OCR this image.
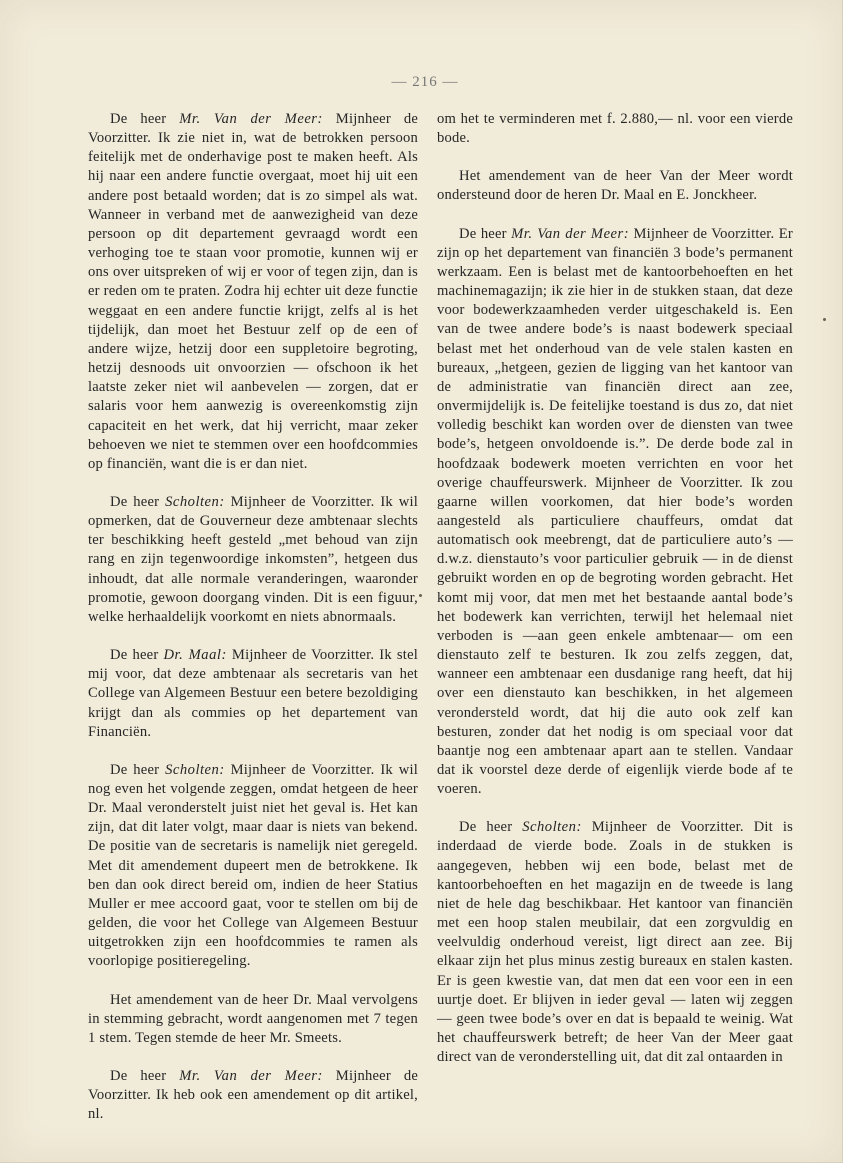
— 216 —

De heer Mr. Van der Meer: Mijnheer de Voorzitter. Ik zie niet in, wat de betrokken persoon feitelijk met de onderhavige post te maken heeft. Als hij naar een andere functie overgaat, moet hij uit een andere post betaald worden; dat is zo simpel als wat. Wanneer in verband met de aanwezigheid van deze persoon op dit departement gevraagd wordt een verhoging toe te staan voor promotie, kunnen wij er ons over uitspreken of wij er voor of tegen zijn, dan is er reden om te praten. Zodra hij echter uit deze functie weggaat en een andere functie krijgt, zelfs al is het tijdelijk, dan moet het Bestuur zelf op de een of andere wijze, hetzij door een suppletoire begroting, hetzij desnoods uit onvoorzien — ofschoon ik het laatste zeker niet wil aanbevelen — zorgen, dat er salaris voor hem aanwezig is overeenkomstig zijn capaciteit en het werk, dat hij verricht, maar zeker behoeven we niet te stemmen over een hoofdcommies op financiën, want die is er dan niet.

De heer Scholten: Mijnheer de Voorzitter. Ik wil opmerken, dat de Gouverneur deze ambtenaar slechts ter beschikking heeft gesteld „met behoud van zijn rang en zijn tegenwoordige inkomsten”, hetgeen dus inhoudt, dat alle normale veranderingen, waaronder promotie, gewoon doorgang vinden. Dit is een figuur, welke herhaaldelijk voorkomt en niets abnormaals.

De heer Dr. Maal: Mijnheer de Voorzitter. Ik stel mij voor, dat deze ambtenaar als secretaris van het College van Algemeen Bestuur een betere bezoldiging krijgt dan als commies op het departement van Financiën.

De heer Scholten: Mijnheer de Voorzitter. Ik wil nog even het volgende zeggen, omdat hetgeen de heer Dr. Maal veronderstelt juist niet het geval is. Het kan zijn, dat dit later volgt, maar daar is niets van bekend. De positie van de secretaris is namelijk niet geregeld. Met dit amendement dupeert men de betrokkene. Ik ben dan ook direct bereid om, indien de heer Statius Muller er mee accoord gaat, voor te stellen om bij de gelden, die voor het College van Algemeen Bestuur uitgetrokken zijn een hoofdcommies te ramen als voorlopige positieregeling.

Het amendement van de heer Dr. Maal vervolgens in stemming gebracht, wordt aangenomen met 7 tegen 1 stem. Tegen stemde de heer Mr. Smeets.

De heer Mr. Van der Meer: Mijnheer de Voorzitter. Ik heb ook een amendement op dit artikel, nl.

om het te verminderen met f. 2.880,— nl. voor een vierde bode.

Het amendement van de heer Van der Meer wordt ondersteund door de heren Dr. Maal en E. Jonckheer.

De heer Mr. Van der Meer: Mijnheer de Voorzitter. Er zijn op het departement van financiën 3 bode’s permanent werkzaam. Een is belast met de kantoorbehoeften en het machinemagazijn; ik zie hier in de stukken staan, dat deze voor bodewerkzaamheden verder uitgeschakeld is. Een van de twee andere bode’s is naast bodewerk speciaal belast met het onderhoud van de vele stalen kasten en bureaux, „hetgeen, gezien de ligging van het kantoor van de administratie van financiën direct aan zee, onvermijdelijk is. De feitelijke toestand is dus zo, dat niet volledig beschikt kan worden over de diensten van twee bode’s, hetgeen onvoldoende is.”. De derde bode zal in hoofdzaak bodewerk moeten verrichten en voor het overige chauffeurswerk. Mijnheer de Voorzitter. Ik zou gaarne willen voorkomen, dat hier bode’s worden aangesteld als particuliere chauffeurs, omdat dat automatisch ook meebrengt, dat de particuliere auto’s — d.w.z. dienstauto’s voor particulier gebruik — in de dienst gebruikt worden en op de begroting worden gebracht. Het komt mij voor, dat men met het bestaande aantal bode’s het bodewerk kan verrichten, terwijl het helemaal niet verboden is —aan geen enkele ambtenaar— om een dienstauto zelf te besturen. Ik zou zelfs zeggen, dat, wanneer een ambtenaar een dusdanige rang heeft, dat hij over een dienstauto kan beschikken, in het algemeen verondersteld wordt, dat hij die auto ook zelf kan besturen, zonder dat het nodig is om speciaal voor dat baantje nog een ambtenaar apart aan te stellen. Vandaar dat ik voorstel deze derde of eigenlijk vierde bode af te voeren.

De heer Scholten: Mijnheer de Voorzitter. Dit is inderdaad de vierde bode. Zoals in de stukken is aangegeven, hebben wij een bode, belast met de kantoorbehoeften en het magazijn en de tweede is lang niet de hele dag beschikbaar. Het kantoor van financiën met een hoop stalen meubilair, dat een zorgvuldig en veelvuldig onderhoud vereist, ligt direct aan zee. Bij elkaar zijn het plus minus zestig bureaux en stalen kasten. Er is geen kwestie van, dat men dat een voor een in een uurtje doet. Er blijven in ieder geval — laten wij zeggen — geen twee bode’s over en dat is bepaald te weinig. Wat het chauffeurswerk betreft; de heer Van der Meer gaat direct van de veronderstelling uit, dat dit zal ontaarden in
